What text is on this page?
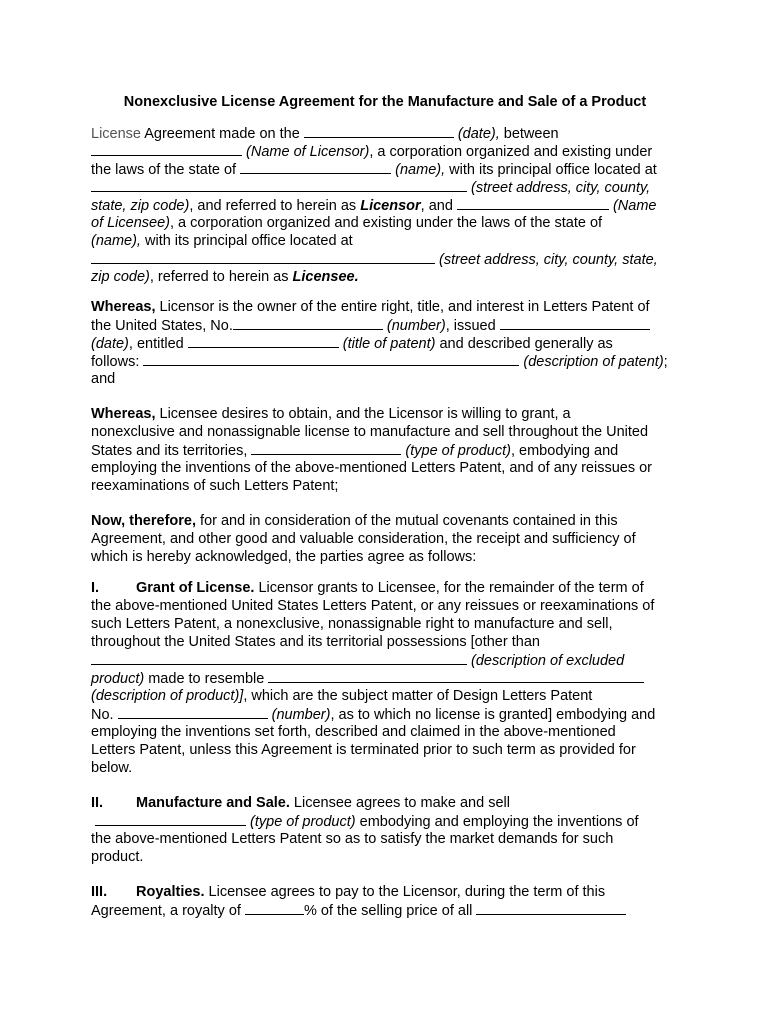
Nonexclusive License Agreement for the Manufacture and Sale of a Product
License Agreement made on the	(date), between
(Name of Licensor), a corporation organized and existing under
the laws of the state of	(name), with its principal office located at
(street address, city, county,
state, zip code), and referred to herein as Licensor, and	(Name
of Licensee), a corporation organized and existing under the laws of the state of
(name), with its principal office located at
(street address, city, county, state,
zip code), referred to herein as Licensee.
Whereas, Licensor is the owner of the entire right, title, and interest in Letters Patent of
the United States, No.	(number), issued
(date), entitled	(title of patent) and described generally as
follows:	(description of patent);
and
Whereas, Licensee desires to obtain, and the Licensor is willing to grant, a
nonexclusive and nonassignable license to manufacture and sell throughout the United
States and its territories,	(type of product), embodying and
employing the inventions of the above-mentioned Letters Patent, and of any reissues or
reexaminations of such Letters Patent;
Now, therefore, for and in consideration of the mutual covenants contained in this
Agreement, and other good and valuable consideration, the receipt and sufficiency of
which is hereby acknowledged, the parties agree as follows:
I.	Grant of License. Licensor grants to Licensee, for the remainder of the term of
the above-mentioned United States Letters Patent, or any reissues or reexaminations of
such Letters Patent, a nonexclusive, nonassignable right to manufacture and sell,
throughout the United States and its territorial possessions [other than
(description of excluded
product) made to resemble
(description of product)], which are the subject matter of Design Letters Patent
No.	(number), as to which no license is granted] embodying and
employing the inventions set forth, described and claimed in the above-mentioned
Letters Patent, unless this Agreement is terminated prior to such term as provided for
below.
II. Manufacture and Sale. Licensee agrees to make and sell
(type of product) embodying and employing the inventions of
the above-mentioned Letters Patent so as to satisfy the market demands for such
product.
III. Royalties. Licensee agrees to pay to the Licensor, during the term of this
Agreement, a royalty of	% of the selling price of all
